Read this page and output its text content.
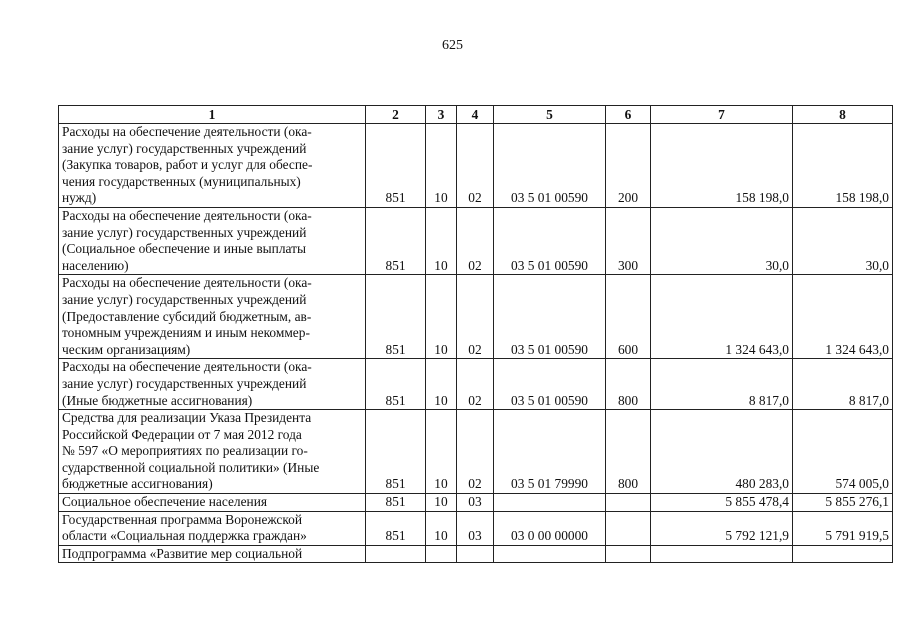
625
1	2	3	4	5	6	7	8

Расходы на обеспечение деятельности (ока-
зание услуг) государственных учреждений
(Закупка товаров, работ и услуг для обеспе-
чения государственных (муниципальных)
нужд)	851	10	02	03 5 01 00590	200	158 198,0	158 198,0

Расходы на обеспечение деятельности (ока-
зание услуг) государственных учреждений
(Социальное обеспечение и иные выплаты
населению)	851	10	02	03 5 01 00590	300	30,0	30,0

Расходы на обеспечение деятельности (ока-
зание услуг) государственных учреждений
(Предоставление субсидий бюджетным, ав-
тономным учреждениям и иным некоммер-
ческим организациям)	851	10	02	03 5 01 00590	600	1 324 643,0	1 324 643,0

Расходы на обеспечение деятельности (ока-
зание услуг) государственных учреждений
(Иные бюджетные ассигнования)	851	10	02	03 5 01 00590	800	8 817,0	8 817,0

Средства для реализации Указа Президента
Российской Федерации от 7 мая 2012 года
№ 597 «О мероприятиях по реализации го-
сударственной социальной политики» (Иные
бюджетные ассигнования)	851	10	02	03 5 01 79990	800	480 283,0	574 005,0

Социальное обеспечение населения	851	10	03			5 855 478,4	5 855 276,1

Государственная программа Воронежской
области «Социальная поддержка граждан»	851	10	03	03 0 00 00000		5 792 121,9	5 791 919,5

Подпрограмма «Развитие мер социальной							
